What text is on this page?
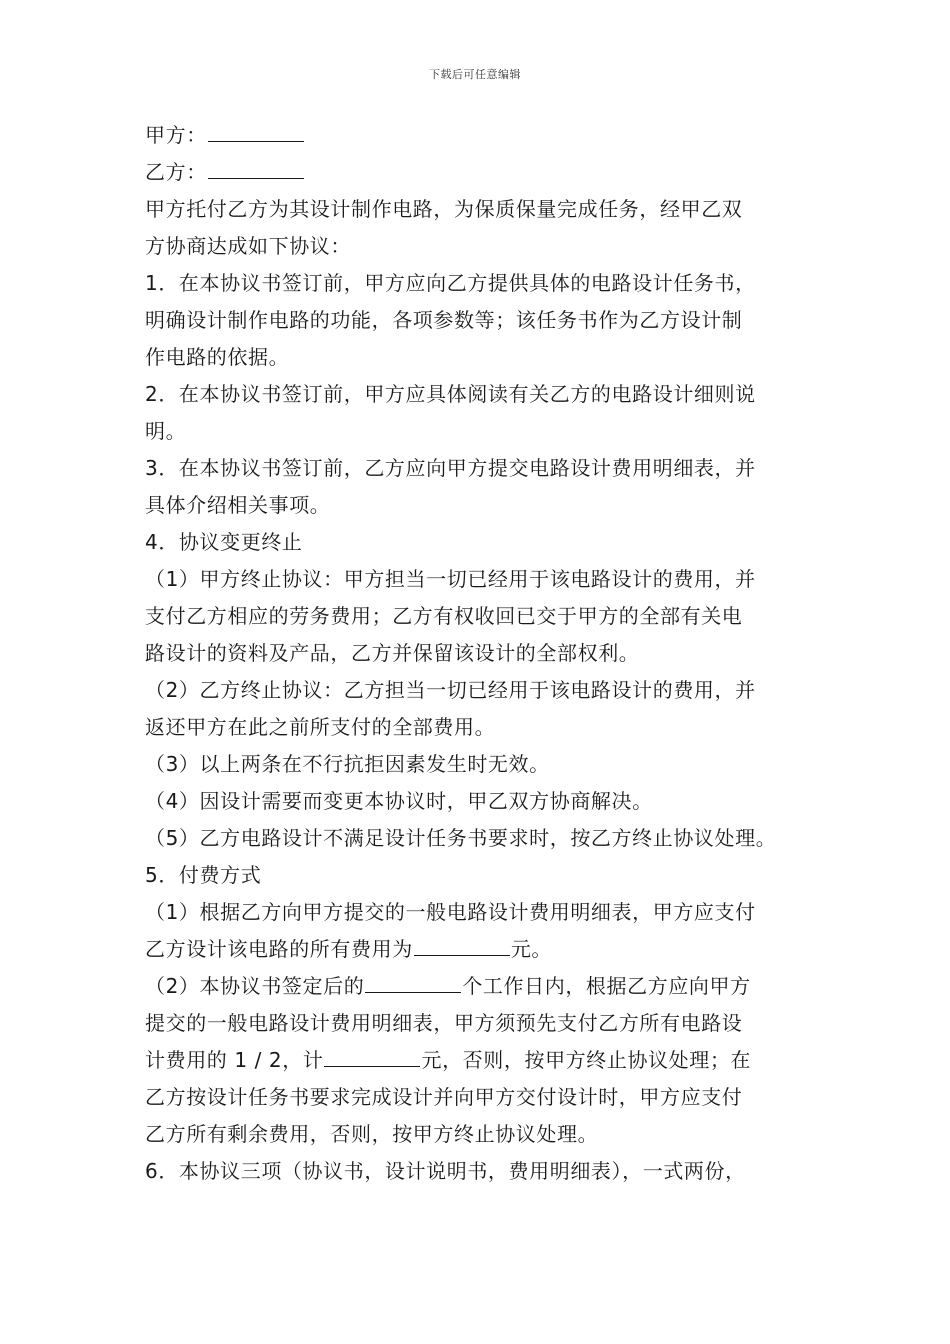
下载后可任意编辑
甲方：
乙方：
甲方托付乙方为其设计制作电路，为保质保量完成任务，经甲乙双
方协商达成如下协议：
1．在本协议书签订前，甲方应向乙方提供具体的电路设计任务书，
明确设计制作电路的功能，各项参数等；该任务书作为乙方设计制
作电路的依据。
2．在本协议书签订前，甲方应具体阅读有关乙方的电路设计细则说
明。
3．在本协议书签订前，乙方应向甲方提交电路设计费用明细表，并
具体介绍相关事项。
4．协议变更终止
（1）甲方终止协议：甲方担当一切已经用于该电路设计的费用，并
支付乙方相应的劳务费用；乙方有权收回已交于甲方的全部有关电
路设计的资料及产品，乙方并保留该设计的全部权利。
（2）乙方终止协议：乙方担当一切已经用于该电路设计的费用，并
返还甲方在此之前所支付的全部费用。
（3）以上两条在不行抗拒因素发生时无效。
（4）因设计需要而变更本协议时，甲乙双方协商解决。
（5）乙方电路设计不满足设计任务书要求时，按乙方终止协议处理。
5．付费方式
（1）根据乙方向甲方提交的一般电路设计费用明细表，甲方应支付
乙方设计该电路的所有费用为	元。
（2）本协议书签定后的	个工作日内，根据乙方应向甲方
提交的一般电路设计费用明细表，甲方须预先支付乙方所有电路设
计费用的 1 / 2，计	元，否则，按甲方终止协议处理；在
乙方按设计任务书要求完成设计并向甲方交付设计时，甲方应支付
乙方所有剩余费用，否则，按甲方终止协议处理。
6．本协议三项（协议书，设计说明书，费用明细表），一式两份，
